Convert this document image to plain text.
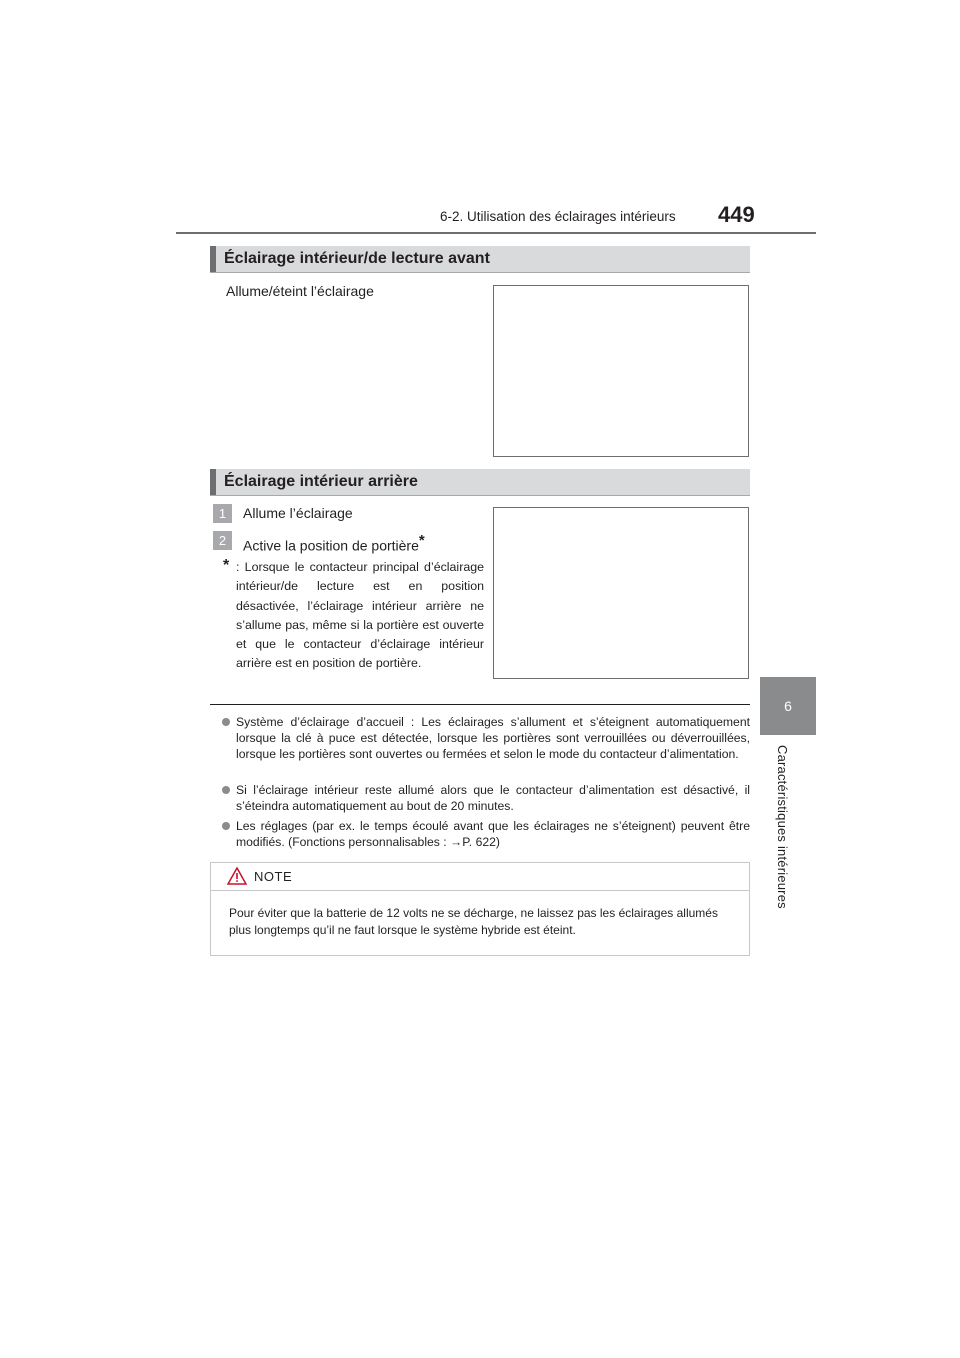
6-2. Utilisation des éclairages intérieurs 449
6
Caractéristiques intérieures
Éclairage intérieur/de lecture avant
Allume/éteint l’éclairage
Éclairage intérieur arrière
1	Allume l’éclairage
2	Active la position de portière*
* : Lorsque le contacteur principal d’éclairage intérieur/de lecture est en position désactivée, l’éclairage intérieur arrière ne s’allume pas, même si la portière est ouverte et que le contacteur d’éclairage intérieur arrière est en position de portière.
Système d’éclairage d’accueil : Les éclairages s’allument et s’éteignent automatiquement lorsque la clé à puce est détectée, lorsque les portières sont verrouillées ou déverrouillées, lorsque les portières sont ouvertes ou fermées et selon le mode du contacteur d’alimentation.
Si l’éclairage intérieur reste allumé alors que le contacteur d’alimentation est désactivé, il s’éteindra automatiquement au bout de 20 minutes.
Les réglages (par ex. le temps écoulé avant que les éclairages ne s’éteignent) peuvent être modifiés. (Fonctions personnalisables : →P. 622)
NOTE
Pour éviter que la batterie de 12 volts ne se décharge, ne laissez pas les éclairages allumés plus longtemps qu’il ne faut lorsque le système hybride est éteint.
